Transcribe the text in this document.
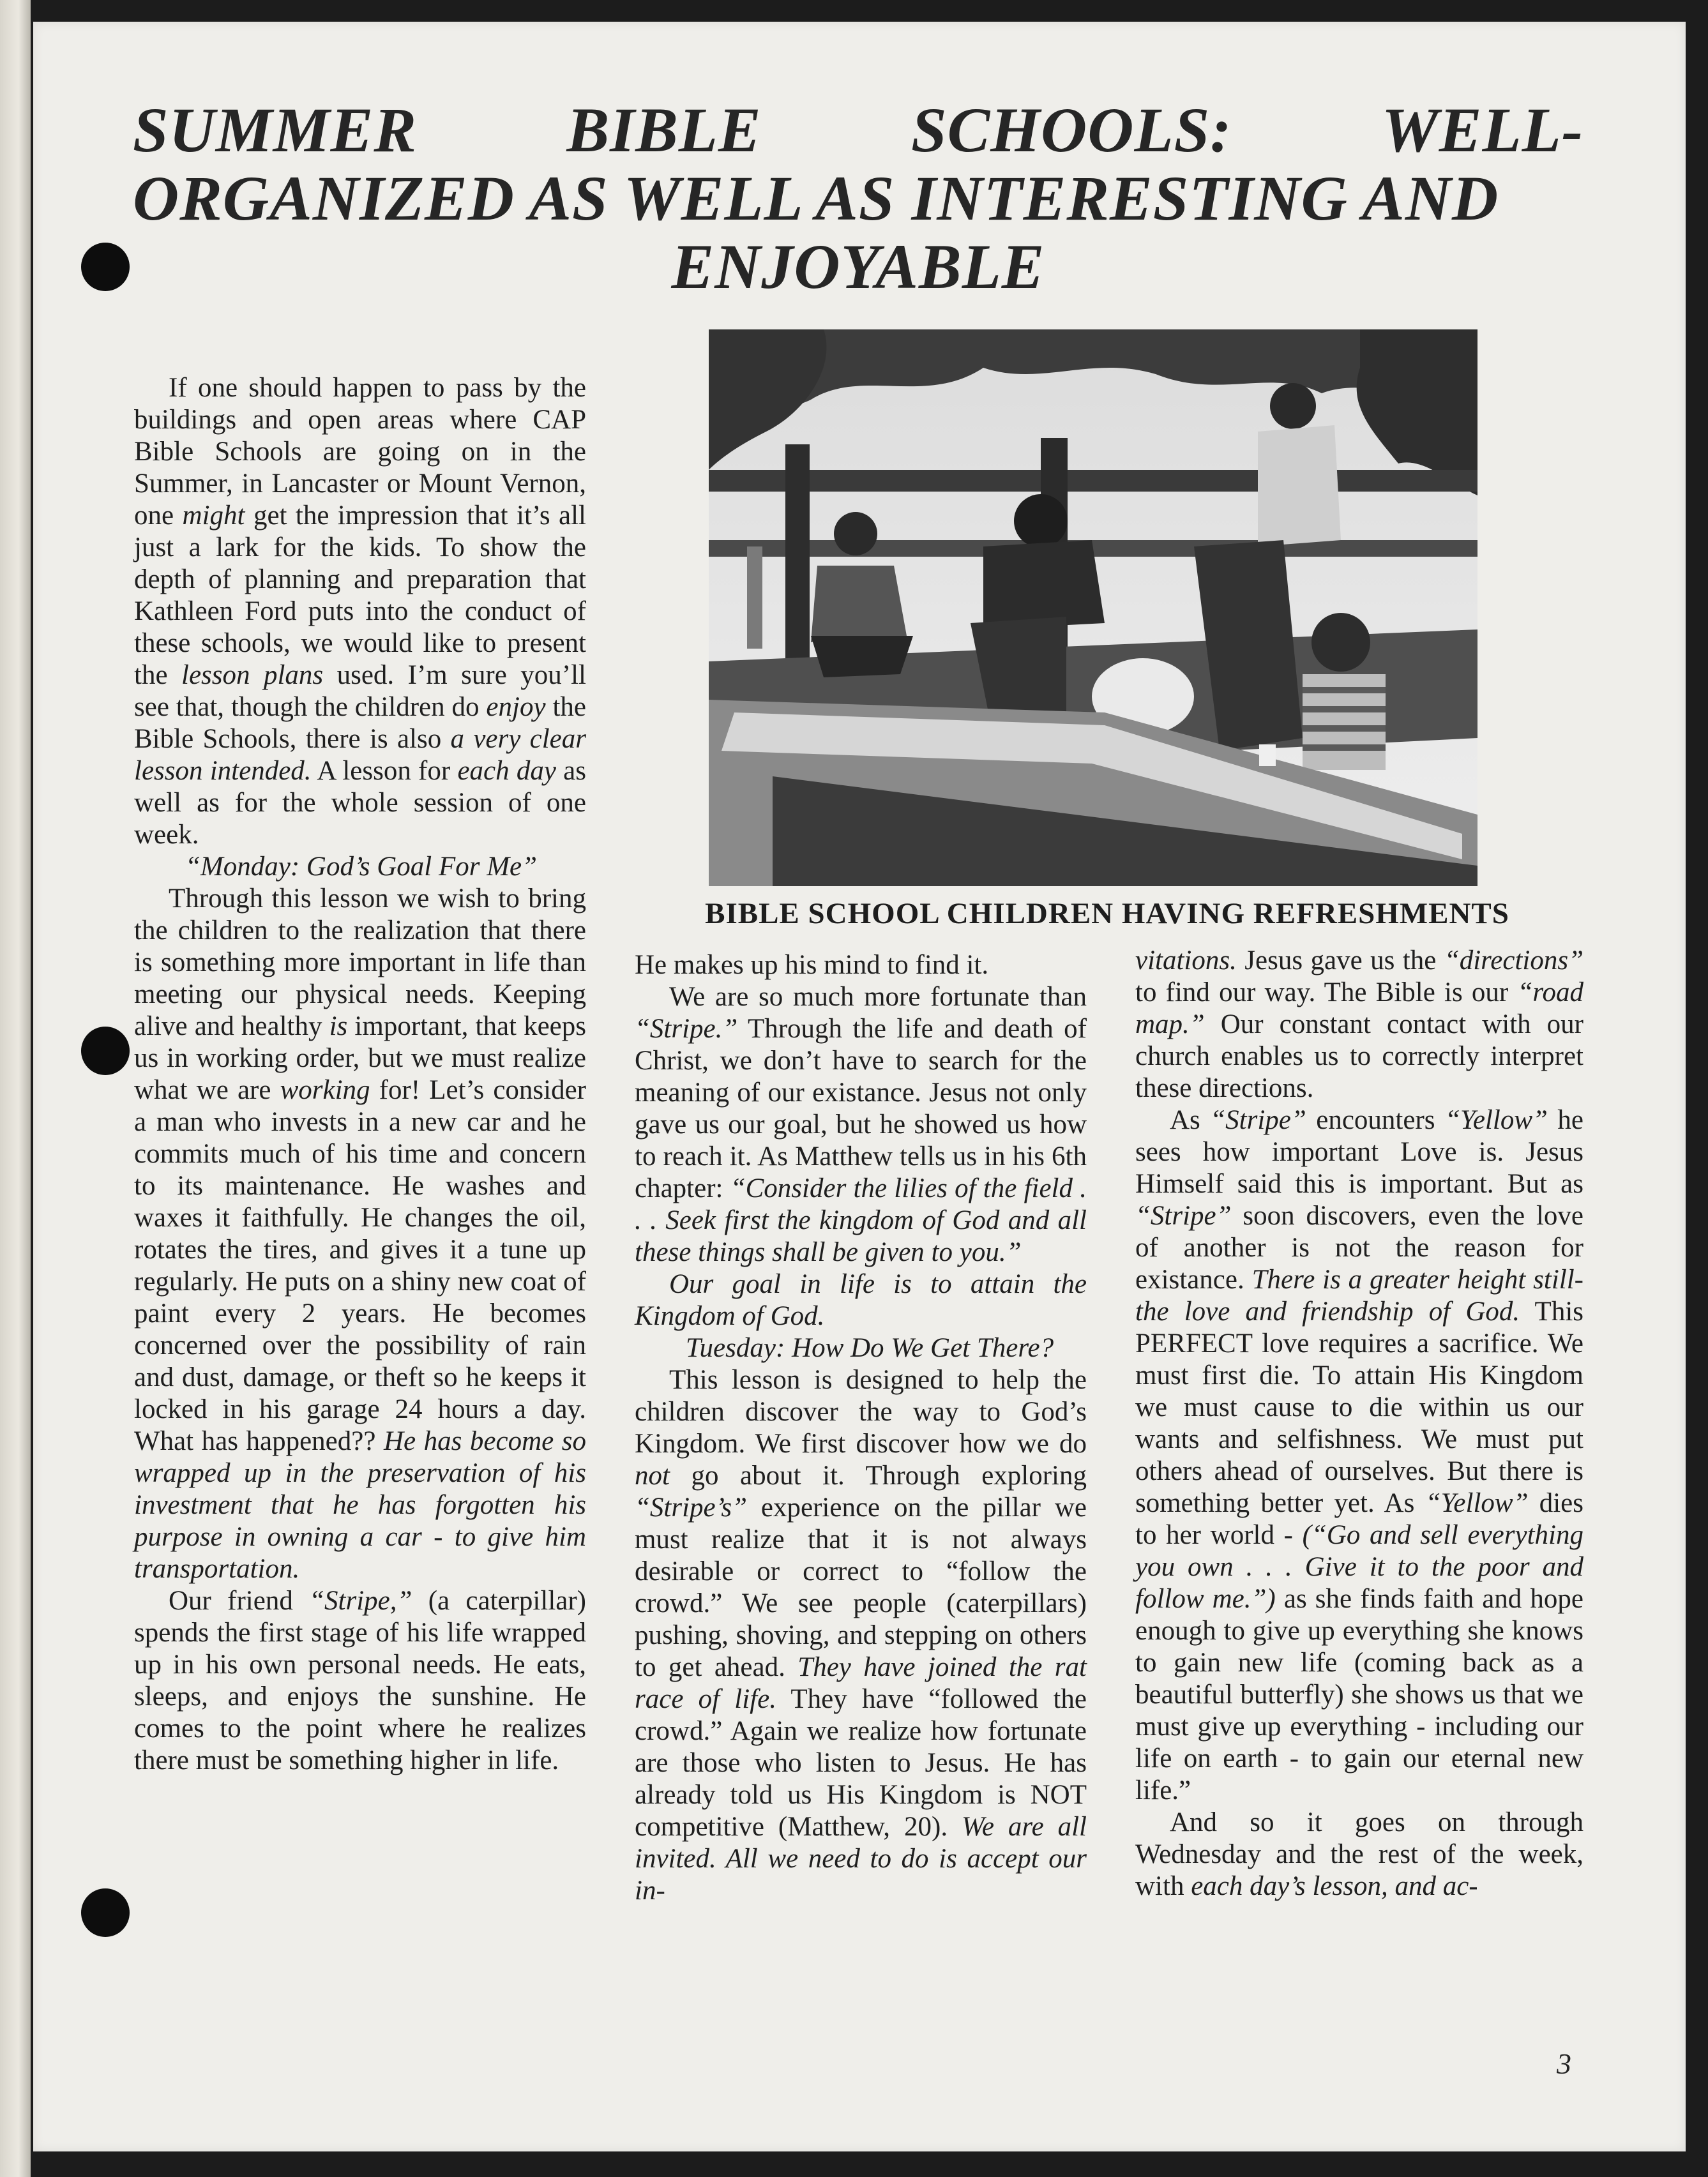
SUMMER BIBLE SCHOOLS: WELL-
ORGANIZED AS WELL AS INTERESTING AND
ENJOYABLE
BIBLE SCHOOL CHILDREN HAVING REFRESHMENTS

If one should happen to pass by the buildings and open areas where CAP Bible Schools are going on in the Summer, in Lancaster or Mount Vernon, one might get the impression that it’s all just a lark for the kids. To show the depth of planning and preparation that Kathleen Ford puts into the conduct of these schools, we would like to present the lesson plans used. I’m sure you’ll see that, though the children do enjoy the Bible Schools, there is also a very clear lesson intended. A lesson for each day as well as for the whole session of one week.

“Monday: God’s Goal For Me”

Through this lesson we wish to bring the children to the realization that there is something more important in life than meeting our physical needs. Keeping alive and healthy is important, that keeps us in working order, but we must realize what we are working for! Let’s consider a man who invests in a new car and he commits much of his time and concern to its maintenance. He washes and waxes it faithfully. He changes the oil, rotates the tires, and gives it a tune up regularly. He puts on a shiny new coat of paint every 2 years. He becomes concerned over the possibility of rain and dust, damage, or theft so he keeps it locked in his garage 24 hours a day. What has happened?? He has become so wrapped up in the preservation of his investment that he has forgotten his purpose in owning a car - to give him transportation.

Our friend “Stripe,” (a caterpillar) spends the first stage of his life wrapped up in his own personal needs. He eats, sleeps, and enjoys the sunshine. He comes to the point where he realizes there must be something higher in life.

He makes up his mind to find it.

We are so much more fortunate than “Stripe.” Through the life and death of Christ, we don’t have to search for the meaning of our existance. Jesus not only gave us our goal, but he showed us how to reach it. As Matthew tells us in his 6th chapter: “Consider the lilies of the field . . . Seek first the kingdom of God and all these things shall be given to you.”

Our goal in life is to attain the Kingdom of God.

Tuesday: How Do We Get There?

This lesson is designed to help the children discover the way to God’s Kingdom. We first discover how we do not go about it. Through exploring “Stripe’s” experience on the pillar we must realize that it is not always desirable or correct to “follow the crowd.” We see people (caterpillars) pushing, shoving, and stepping on others to get ahead. They have joined the rat race of life. They have “followed the crowd.” Again we realize how fortunate are those who listen to Jesus. He has already told us His Kingdom is NOT competitive (Matthew, 20). We are all invited. All we need to do is accept our in-

vitations. Jesus gave us the “directions” to find our way. The Bible is our “road map.” Our constant contact with our church enables us to correctly interpret these directions.

As “Stripe” encounters “Yellow” he sees how important Love is. Jesus Himself said this is important. But as “Stripe” soon discovers, even the love of another is not the reason for existance. There is a greater height still-the love and friendship of God. This PERFECT love requires a sacrifice. We must first die. To attain His Kingdom we must cause to die within us our wants and selfishness. We must put others ahead of ourselves. But there is something better yet. As “Yellow” dies to her world - (“Go and sell everything you own . . . Give it to the poor and follow me.”) as she finds faith and hope enough to give up everything she knows to gain new life (coming back as a beautiful butterfly) she shows us that we must give up everything - including our life on earth - to gain our eternal new life.”

And so it goes on through Wednesday and the rest of the week, with each day’s lesson, and ac-

3
